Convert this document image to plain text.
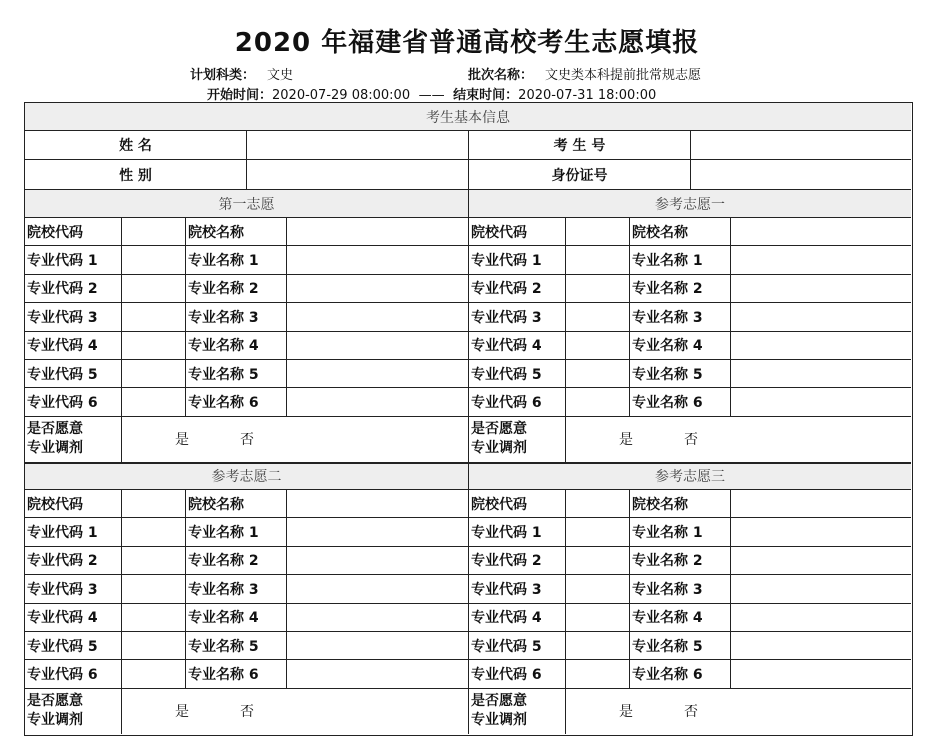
2020 年福建省普通高校考生志愿填报
计划科类： 文史	批次名称： 文史类本科提前批常规志愿
开始时间：2020-07-29 08:00:00 —— 结束时间：2020-07-31 18:00:00
考生基本信息
姓 名	考 生 号
性 别	身份证号
第一志愿
院校代码	院校名称
专业代码 1	专业名称 1
专业代码 2	专业名称 2
专业代码 3	专业名称 3
专业代码 4	专业名称 4
专业代码 5	专业名称 5
专业代码 6	专业名称 6
是否愿意
专业调剂	是	否
参考志愿一
院校代码	院校名称
专业代码 1	专业名称 1
专业代码 2	专业名称 2
专业代码 3	专业名称 3
专业代码 4	专业名称 4
专业代码 5	专业名称 5
专业代码 6	专业名称 6
是否愿意
专业调剂	是	否
参考志愿二
院校代码	院校名称
专业代码 1	专业名称 1
专业代码 2	专业名称 2
专业代码 3	专业名称 3
专业代码 4	专业名称 4
专业代码 5	专业名称 5
专业代码 6	专业名称 6
是否愿意
专业调剂	是	否
参考志愿三
院校代码	院校名称
专业代码 1	专业名称 1
专业代码 2	专业名称 2
专业代码 3	专业名称 3
专业代码 4	专业名称 4
专业代码 5	专业名称 5
专业代码 6	专业名称 6
是否愿意
专业调剂	是	否
